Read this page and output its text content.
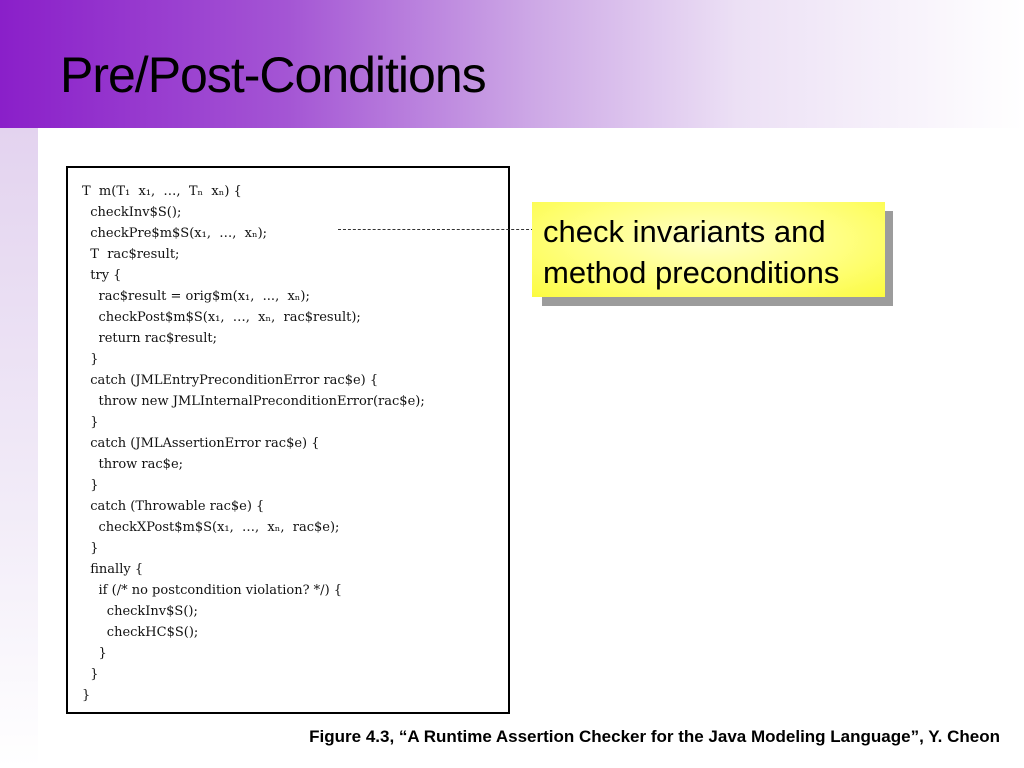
Pre/Post-Conditions
T  m(T₁  x₁,  …,  Tₙ  xₙ) {
checkInv$S();
checkPre$m$S(x₁,  …,  xₙ);
T  rac$result;
try {
rac$result = orig$m(x₁,  ...,  xₙ);
checkPost$m$S(x₁,  …,  xₙ,  rac$result);
return rac$result;
}
catch (JMLEntryPreconditionError rac$e) {
throw new JMLInternalPreconditionError(rac$e);
}
catch (JMLAssertionError rac$e) {
throw rac$e;
}
catch (Throwable rac$e) {
checkXPost$m$S(x₁,  …,  xₙ,  rac$e);
}
finally {
if (/* no postcondition violation? */) {
checkInv$S();
checkHC$S();
}
}
}
check invariants and
method preconditions

Figure 4.3, “A Runtime Assertion Checker for the Java Modeling Language”, Y. Cheon
